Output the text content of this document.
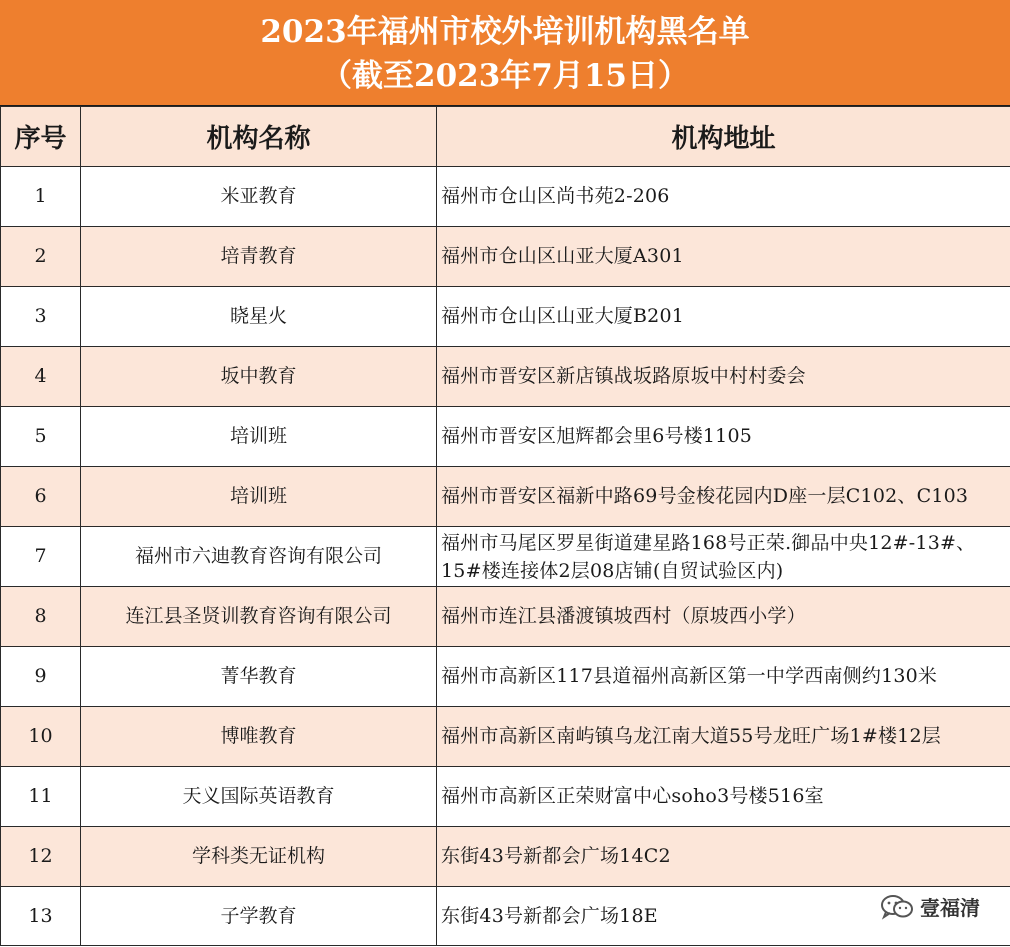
2023年福州市校外培训机构黑名单
（截至2023年7月15日）
序号	机构名称	机构地址
1	米亚教育	福州市仓山区尚书苑2-206
2	培青教育	福州市仓山区山亚大厦A301
3	晓星火	福州市仓山区山亚大厦B201
4	坂中教育	福州市晋安区新店镇战坂路原坂中村村委会
5	培训班	福州市晋安区旭辉都会里6号楼1105
6	培训班	福州市晋安区福新中路69号金梭花园内D座一层C102、C103
7	福州市六迪教育咨询有限公司	福州市马尾区罗星街道建星路168号正荣.御品中央12#-13#、15#楼连接体2层08店铺(自贸试验区内)
8	连江县圣贤训教育咨询有限公司	福州市连江县潘渡镇坡西村（原坡西小学）
9	菁华教育	福州市高新区117县道福州高新区第一中学西南侧约130米
10	博唯教育	福州市高新区南屿镇乌龙江南大道55号龙旺广场1#楼12层
11	天义国际英语教育	福州市高新区正荣财富中心soho3号楼516室
12	学科类无证机构	东街43号新都会广场14C2
13	子学教育	东街43号新都会广场18E	壹福清
